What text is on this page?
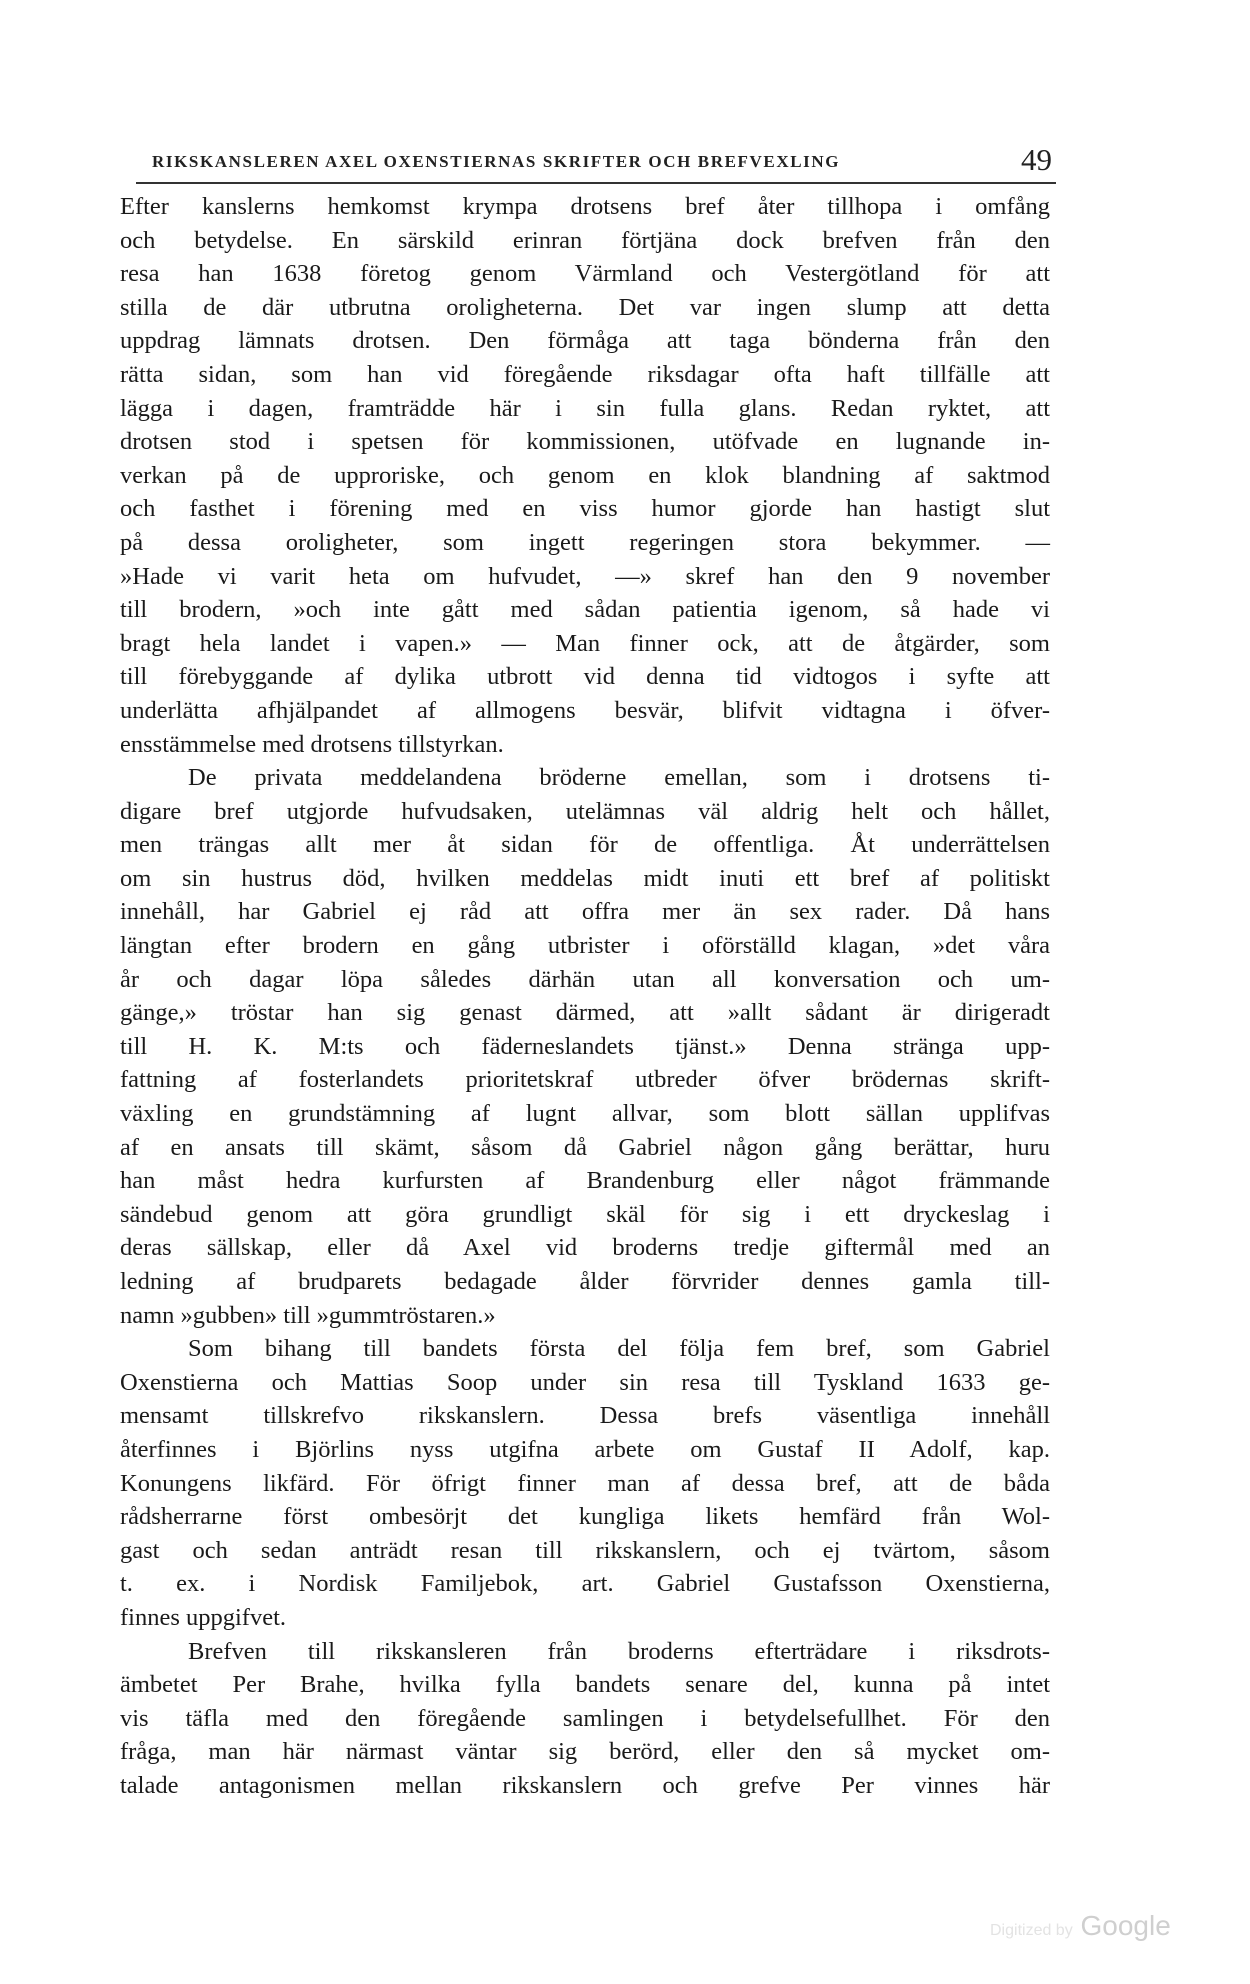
RIKSKANSLEREN AXEL OXENSTIERNAS SKRIFTER OCH BREFVEXLING	49
Efter kanslerns hemkomst krympa drotsens bref åter tillhopa i omfång
och betydelse. En särskild erinran förtjäna dock brefven från den
resa han 1638 företog genom Värmland och Vestergötland för att
stilla de där utbrutna oroligheterna. Det var ingen slump att detta
uppdrag lämnats drotsen. Den förmåga att taga bönderna från den
rätta sidan, som han vid föregående riksdagar ofta haft tillfälle att
lägga i dagen, framträdde här i sin fulla glans. Redan ryktet, att
drotsen stod i spetsen för kommissionen, utöfvade en lugnande in-
verkan på de upproriske, och genom en klok blandning af saktmod
och fasthet i förening med en viss humor gjorde han hastigt slut
på dessa oroligheter, som ingett regeringen stora bekymmer. —
»Hade vi varit heta om hufvudet, —» skref han den 9 november
till brodern, »och inte gått med sådan patientia igenom, så hade vi
bragt hela landet i vapen.» — Man finner ock, att de åtgärder, som
till förebyggande af dylika utbrott vid denna tid vidtogos i syfte att
underlätta afhjälpandet af allmogens besvär, blifvit vidtagna i öfver-
ensstämmelse med drotsens tillstyrkan.
De privata meddelandena bröderne emellan, som i drotsens ti-
digare bref utgjorde hufvudsaken, utelämnas väl aldrig helt och hållet,
men trängas allt mer åt sidan för de offentliga. Åt underrättelsen
om sin hustrus död, hvilken meddelas midt inuti ett bref af politiskt
innehåll, har Gabriel ej råd att offra mer än sex rader. Då hans
längtan efter brodern en gång utbrister i oförställd klagan, »det våra
år och dagar löpa således därhän utan all konversation och um-
gänge,» tröstar han sig genast därmed, att »allt sådant är dirigeradt
till H. K. M:ts och fäderneslandets tjänst.» Denna stränga upp-
fattning af fosterlandets prioritetskraf utbreder öfver brödernas skrift-
växling en grundstämning af lugnt allvar, som blott sällan upplifvas
af en ansats till skämt, såsom då Gabriel någon gång berättar, huru
han måst hedra kurfursten af Brandenburg eller något främmande
sändebud genom att göra grundligt skäl för sig i ett dryckeslag i
deras sällskap, eller då Axel vid broderns tredje giftermål med an
ledning af brudparets bedagade ålder förvrider dennes gamla till-
namn »gubben» till »gummtröstaren.»
Som bihang till bandets första del följa fem bref, som Gabriel
Oxenstierna och Mattias Soop under sin resa till Tyskland 1633 ge-
mensamt tillskrefvo rikskanslern. Dessa brefs väsentliga innehåll
återfinnes i Björlins nyss utgifna arbete om Gustaf II Adolf, kap.
Konungens likfärd. För öfrigt finner man af dessa bref, att de båda
rådsherrarne först ombesörjt det kungliga likets hemfärd från Wol-
gast och sedan anträdt resan till rikskanslern, och ej tvärtom, såsom
t. ex. i Nordisk Familjebok, art. Gabriel Gustafsson Oxenstierna,
finnes uppgifvet.
Brefven till rikskansleren från broderns efterträdare i riksdrots-
ämbetet Per Brahe, hvilka fylla bandets senare del, kunna på intet
vis täfla med den föregående samlingen i betydelsefullhet. För den
fråga, man här närmast väntar sig berörd, eller den så mycket om-
talade antagonismen mellan rikskanslern och grefve Per vinnes här
Digitized by Google
